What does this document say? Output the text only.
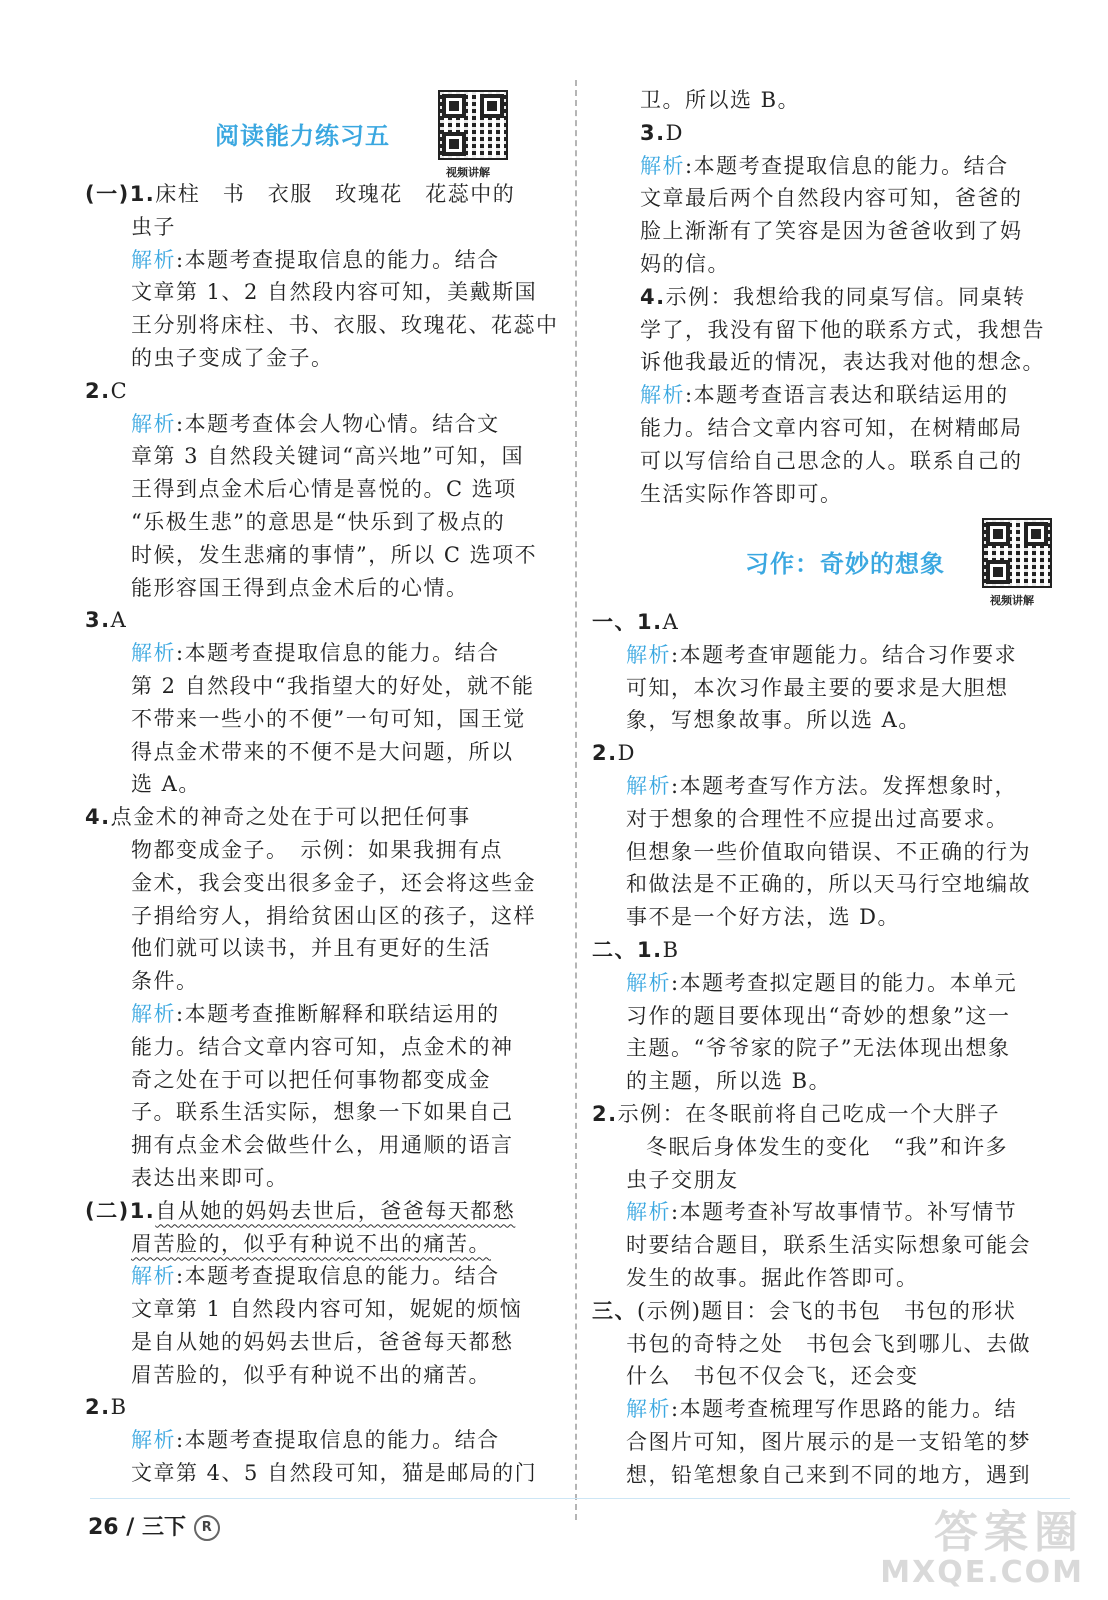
阅读能力练习五
视频讲解
(一)1.床柱　书　衣服　玫瑰花　花蕊中的
虫子
解析:本题考查提取信息的能力。结合
文章第 1、2 自然段内容可知，美戴斯国
王分别将床柱、书、衣服、玫瑰花、花蕊中
的虫子变成了金子。
2.C
解析:本题考查体会人物心情。结合文
章第 3 自然段关键词“高兴地”可知，国
王得到点金术后心情是喜悦的。C 选项
“乐极生悲”的意思是“快乐到了极点的
时候，发生悲痛的事情”，所以 C 选项不
能形容国王得到点金术后的心情。
3.A
解析:本题考查提取信息的能力。结合
第 2 自然段中“我指望大的好处，就不能
不带来一些小的不便”一句可知，国王觉
得点金术带来的不便不是大问题，所以
选 A。
4.点金术的神奇之处在于可以把任何事
物都变成金子。　示例：如果我拥有点
金术，我会变出很多金子，还会将这些金
子捐给穷人，捐给贫困山区的孩子，这样
他们就可以读书，并且有更好的生活
条件。
解析:本题考查推断解释和联结运用的
能力。结合文章内容可知，点金术的神
奇之处在于可以把任何事物都变成金
子。联系生活实际，想象一下如果自己
拥有点金术会做些什么，用通顺的语言
表达出来即可。
(二)1.自从她的妈妈去世后，爸爸每天都愁
眉苦脸的，似乎有种说不出的痛苦。
解析:本题考查提取信息的能力。结合
文章第 1 自然段内容可知，妮妮的烦恼
是自从她的妈妈去世后，爸爸每天都愁
眉苦脸的，似乎有种说不出的痛苦。
2.B
解析:本题考查提取信息的能力。结合
文章第 4、5 自然段可知，猫是邮局的门
卫。所以选 B。
3.D
解析:本题考查提取信息的能力。结合
文章最后两个自然段内容可知，爸爸的
脸上渐渐有了笑容是因为爸爸收到了妈
妈的信。
4.示例：我想给我的同桌写信。同桌转
学了，我没有留下他的联系方式，我想告
诉他我最近的情况，表达我对他的想念。
解析:本题考查语言表达和联结运用的
能力。结合文章内容可知，在树精邮局
可以写信给自己思念的人。联系自己的
生活实际作答即可。
习作：奇妙的想象
视频讲解
一、1.A
解析:本题考查审题能力。结合习作要求
可知，本次习作最主要的要求是大胆想
象，写想象故事。所以选 A。
2.D
解析:本题考查写作方法。发挥想象时，
对于想象的合理性不应提出过高要求。
但想象一些价值取向错误、不正确的行为
和做法是不正确的，所以天马行空地编故
事不是一个好方法，选 D。
二、1.B
解析:本题考查拟定题目的能力。本单元
习作的题目要体现出“奇妙的想象”这一
主题。“爷爷家的院子”无法体现出想象
的主题，所以选 B。
2.示例：在冬眠前将自己吃成一个大胖子
冬眠后身体发生的变化　“我”和许多
虫子交朋友
解析:本题考查补写故事情节。补写情节
时要结合题目，联系生活实际想象可能会
发生的故事。据此作答即可。
三、(示例)题目：会飞的书包　书包的形状
书包的奇特之处　书包会飞到哪儿、去做
什么　书包不仅会飞，还会变
解析:本题考查梳理写作思路的能力。结
合图片可知，图片展示的是一支铅笔的梦
想，铅笔想象自己来到不同的地方，遇到
26 / 三下 R	答案圈
MXQE.COM
